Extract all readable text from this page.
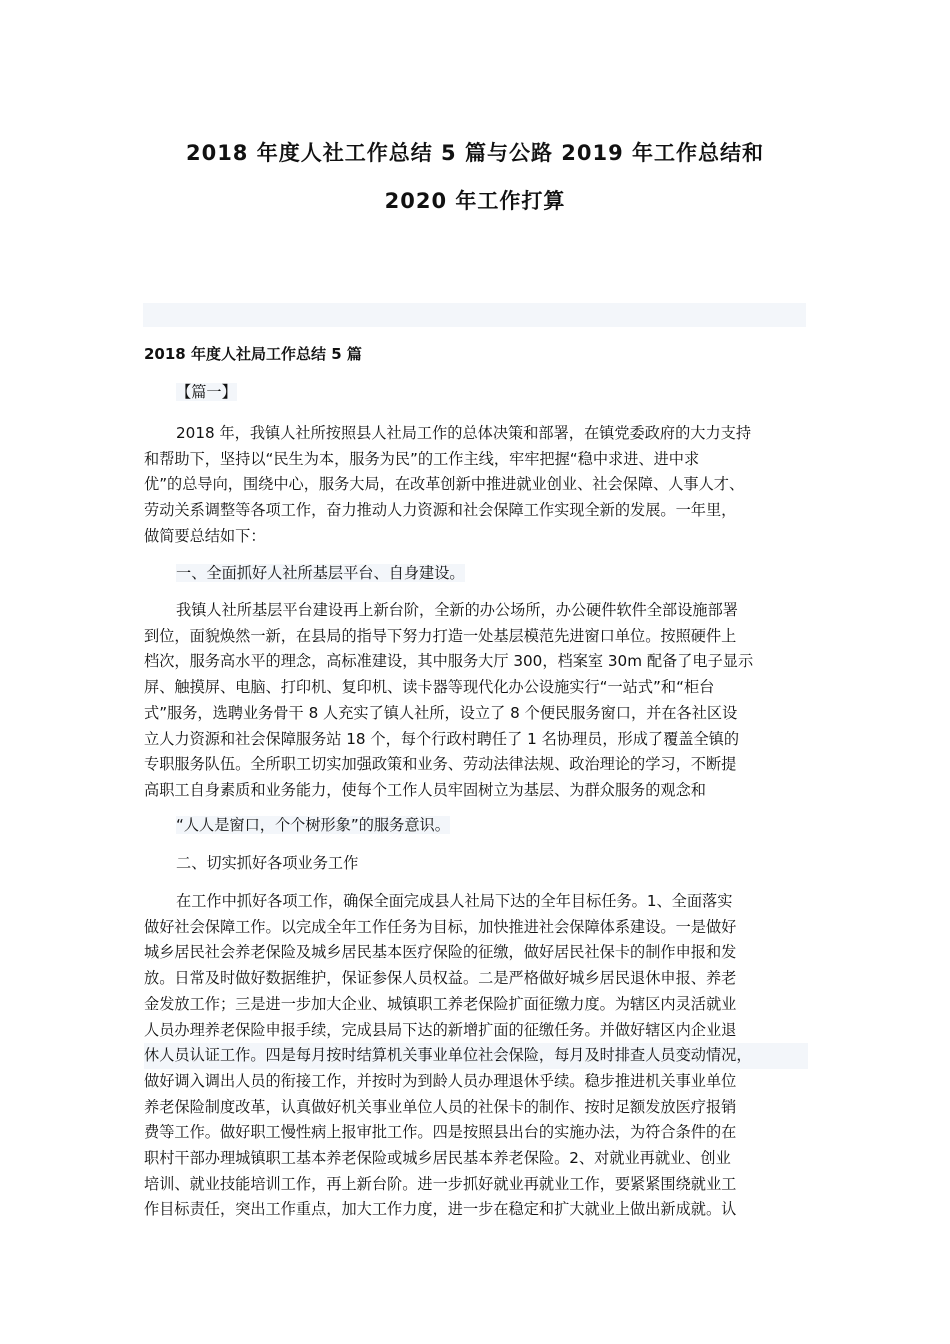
2018 年度人社工作总结 5 篇与公路 2019 年工作总结和
2020 年工作打算
2018 年度人社局工作总结 5 篇
【篇一】
2018 年，我镇人社所按照县人社局工作的总体决策和部署，在镇党委政府的大力支持
和帮助下，坚持以“民生为本，服务为民”的工作主线，牢牢把握“稳中求进、进中求
优”的总导向，围绕中心，服务大局，在改革创新中推进就业创业、社会保障、人事人才、
劳动关系调整等各项工作，奋力推动人力资源和社会保障工作实现全新的发展。一年里，
做简要总结如下：
一、全面抓好人社所基层平台、自身建设。
我镇人社所基层平台建设再上新台阶，全新的办公场所，办公硬件软件全部设施部署
到位，面貌焕然一新，在县局的指导下努力打造一处基层模范先进窗口单位。按照硬件上
档次，服务高水平的理念，高标准建设，其中服务大厅 300，档案室 30m 配备了电子显示
屏、触摸屏、电脑、打印机、复印机、读卡器等现代化办公设施实行“一站式”和“柜台
式”服务，选聘业务骨干 8 人充实了镇人社所，设立了 8 个便民服务窗口，并在各社区设
立人力资源和社会保障服务站 18 个，每个行政村聘任了 1 名协理员，形成了覆盖全镇的
专职服务队伍。全所职工切实加强政策和业务、劳动法律法规、政治理论的学习，不断提
高职工自身素质和业务能力，使每个工作人员牢固树立为基层、为群众服务的观念和
“人人是窗口，个个树形象”的服务意识。
二、切实抓好各项业务工作
在工作中抓好各项工作，确保全面完成县人社局下达的全年目标任务。1、全面落实
做好社会保障工作。以完成全年工作任务为目标，加快推进社会保障体系建设。一是做好
城乡居民社会养老保险及城乡居民基本医疗保险的征缴，做好居民社保卡的制作申报和发
放。日常及时做好数据维护，保证参保人员权益。二是严格做好城乡居民退休申报、养老
金发放工作；三是进一步加大企业、城镇职工养老保险扩面征缴力度。为辖区内灵活就业
人员办理养老保险申报手续，完成县局下达的新增扩面的征缴任务。并做好辖区内企业退
休人员认证工作。四是每月按时结算机关事业单位社会保险，每月及时排查人员变动情况，
做好调入调出人员的衔接工作，并按时为到龄人员办理退休乎续。稳步推进机关事业单位
养老保险制度改革，认真做好机关事业单位人员的社保卡的制作、按时足额发放医疗报销
费等工作。做好职工慢性病上报审批工作。四是按照县出台的实施办法，为符合条件的在
职村干部办理城镇职工基本养老保险或城乡居民基本养老保险。2、对就业再就业、创业
培训、就业技能培训工作，再上新台阶。进一步抓好就业再就业工作，要紧紧围绕就业工
作目标责任，突出工作重点，加大工作力度，进一步在稳定和扩大就业上做出新成就。认
